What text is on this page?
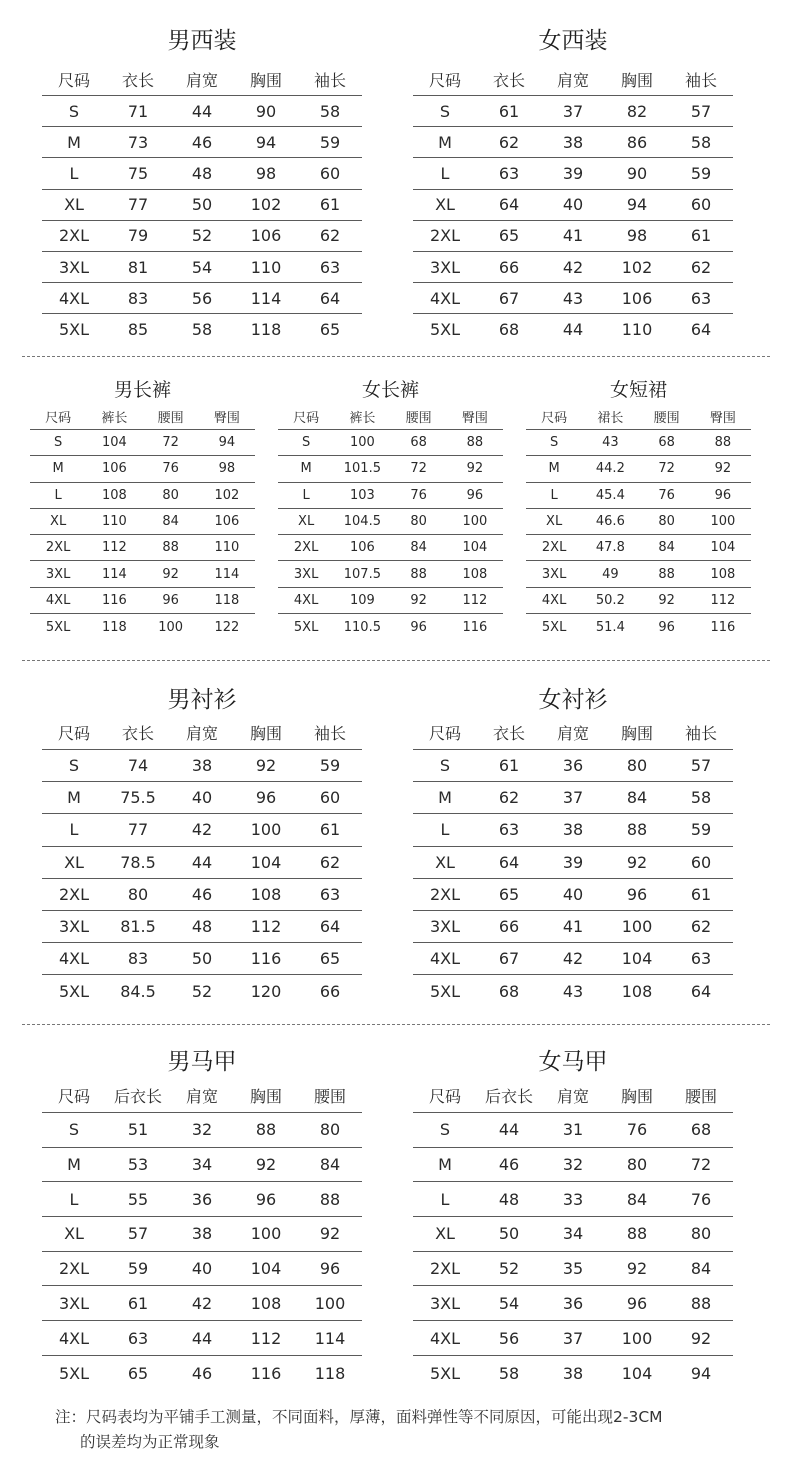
男西装
尺码	衣长	肩宽	胸围	袖长
S	71	44	90	58
M	73	46	94	59
L	75	48	98	60
XL	77	50	102	61
2XL	79	52	106	62
3XL	81	54	110	63
4XL	83	56	114	64
5XL	85	58	118	65
女西装
尺码	衣长	肩宽	胸围	袖长
S	61	37	82	57
M	62	38	86	58
L	63	39	90	59
XL	64	40	94	60
2XL	65	41	98	61
3XL	66	42	102	62
4XL	67	43	106	63
5XL	68	44	110	64
男长裤
尺码	裤长	腰围	臀围
S	104	72	94
M	106	76	98
L	108	80	102
XL	110	84	106
2XL	112	88	110
3XL	114	92	114
4XL	116	96	118
5XL	118	100	122
女长裤
尺码	裤长	腰围	臀围
S	100	68	88
M	101.5	72	92
L	103	76	96
XL	104.5	80	100
2XL	106	84	104
3XL	107.5	88	108
4XL	109	92	112
5XL	110.5	96	116
女短裙
尺码	裙长	腰围	臀围
S	43	68	88
M	44.2	72	92
L	45.4	76	96
XL	46.6	80	100
2XL	47.8	84	104
3XL	49	88	108
4XL	50.2	92	112
5XL	51.4	96	116
男衬衫
尺码	衣长	肩宽	胸围	袖长
S	74	38	92	59
M	75.5	40	96	60
L	77	42	100	61
XL	78.5	44	104	62
2XL	80	46	108	63
3XL	81.5	48	112	64
4XL	83	50	116	65
5XL	84.5	52	120	66
女衬衫
尺码	衣长	肩宽	胸围	袖长
S	61	36	80	57
M	62	37	84	58
L	63	38	88	59
XL	64	39	92	60
2XL	65	40	96	61
3XL	66	41	100	62
4XL	67	42	104	63
5XL	68	43	108	64
男马甲
尺码	后衣长	肩宽	胸围	腰围
S	51	32	88	80
M	53	34	92	84
L	55	36	96	88
XL	57	38	100	92
2XL	59	40	104	96
3XL	61	42	108	100
4XL	63	44	112	114
5XL	65	46	116	118
女马甲
尺码	后衣长	肩宽	胸围	腰围
S	44	31	76	68
M	46	32	80	72
L	48	33	84	76
XL	50	34	88	80
2XL	52	35	92	84
3XL	54	36	96	88
4XL	56	37	100	92
5XL	58	38	104	94
注：尺码表均为平铺手工测量，不同面料，厚薄，面料弹性等不同原因，可能出现2-3CM
的误差均为正常现象
